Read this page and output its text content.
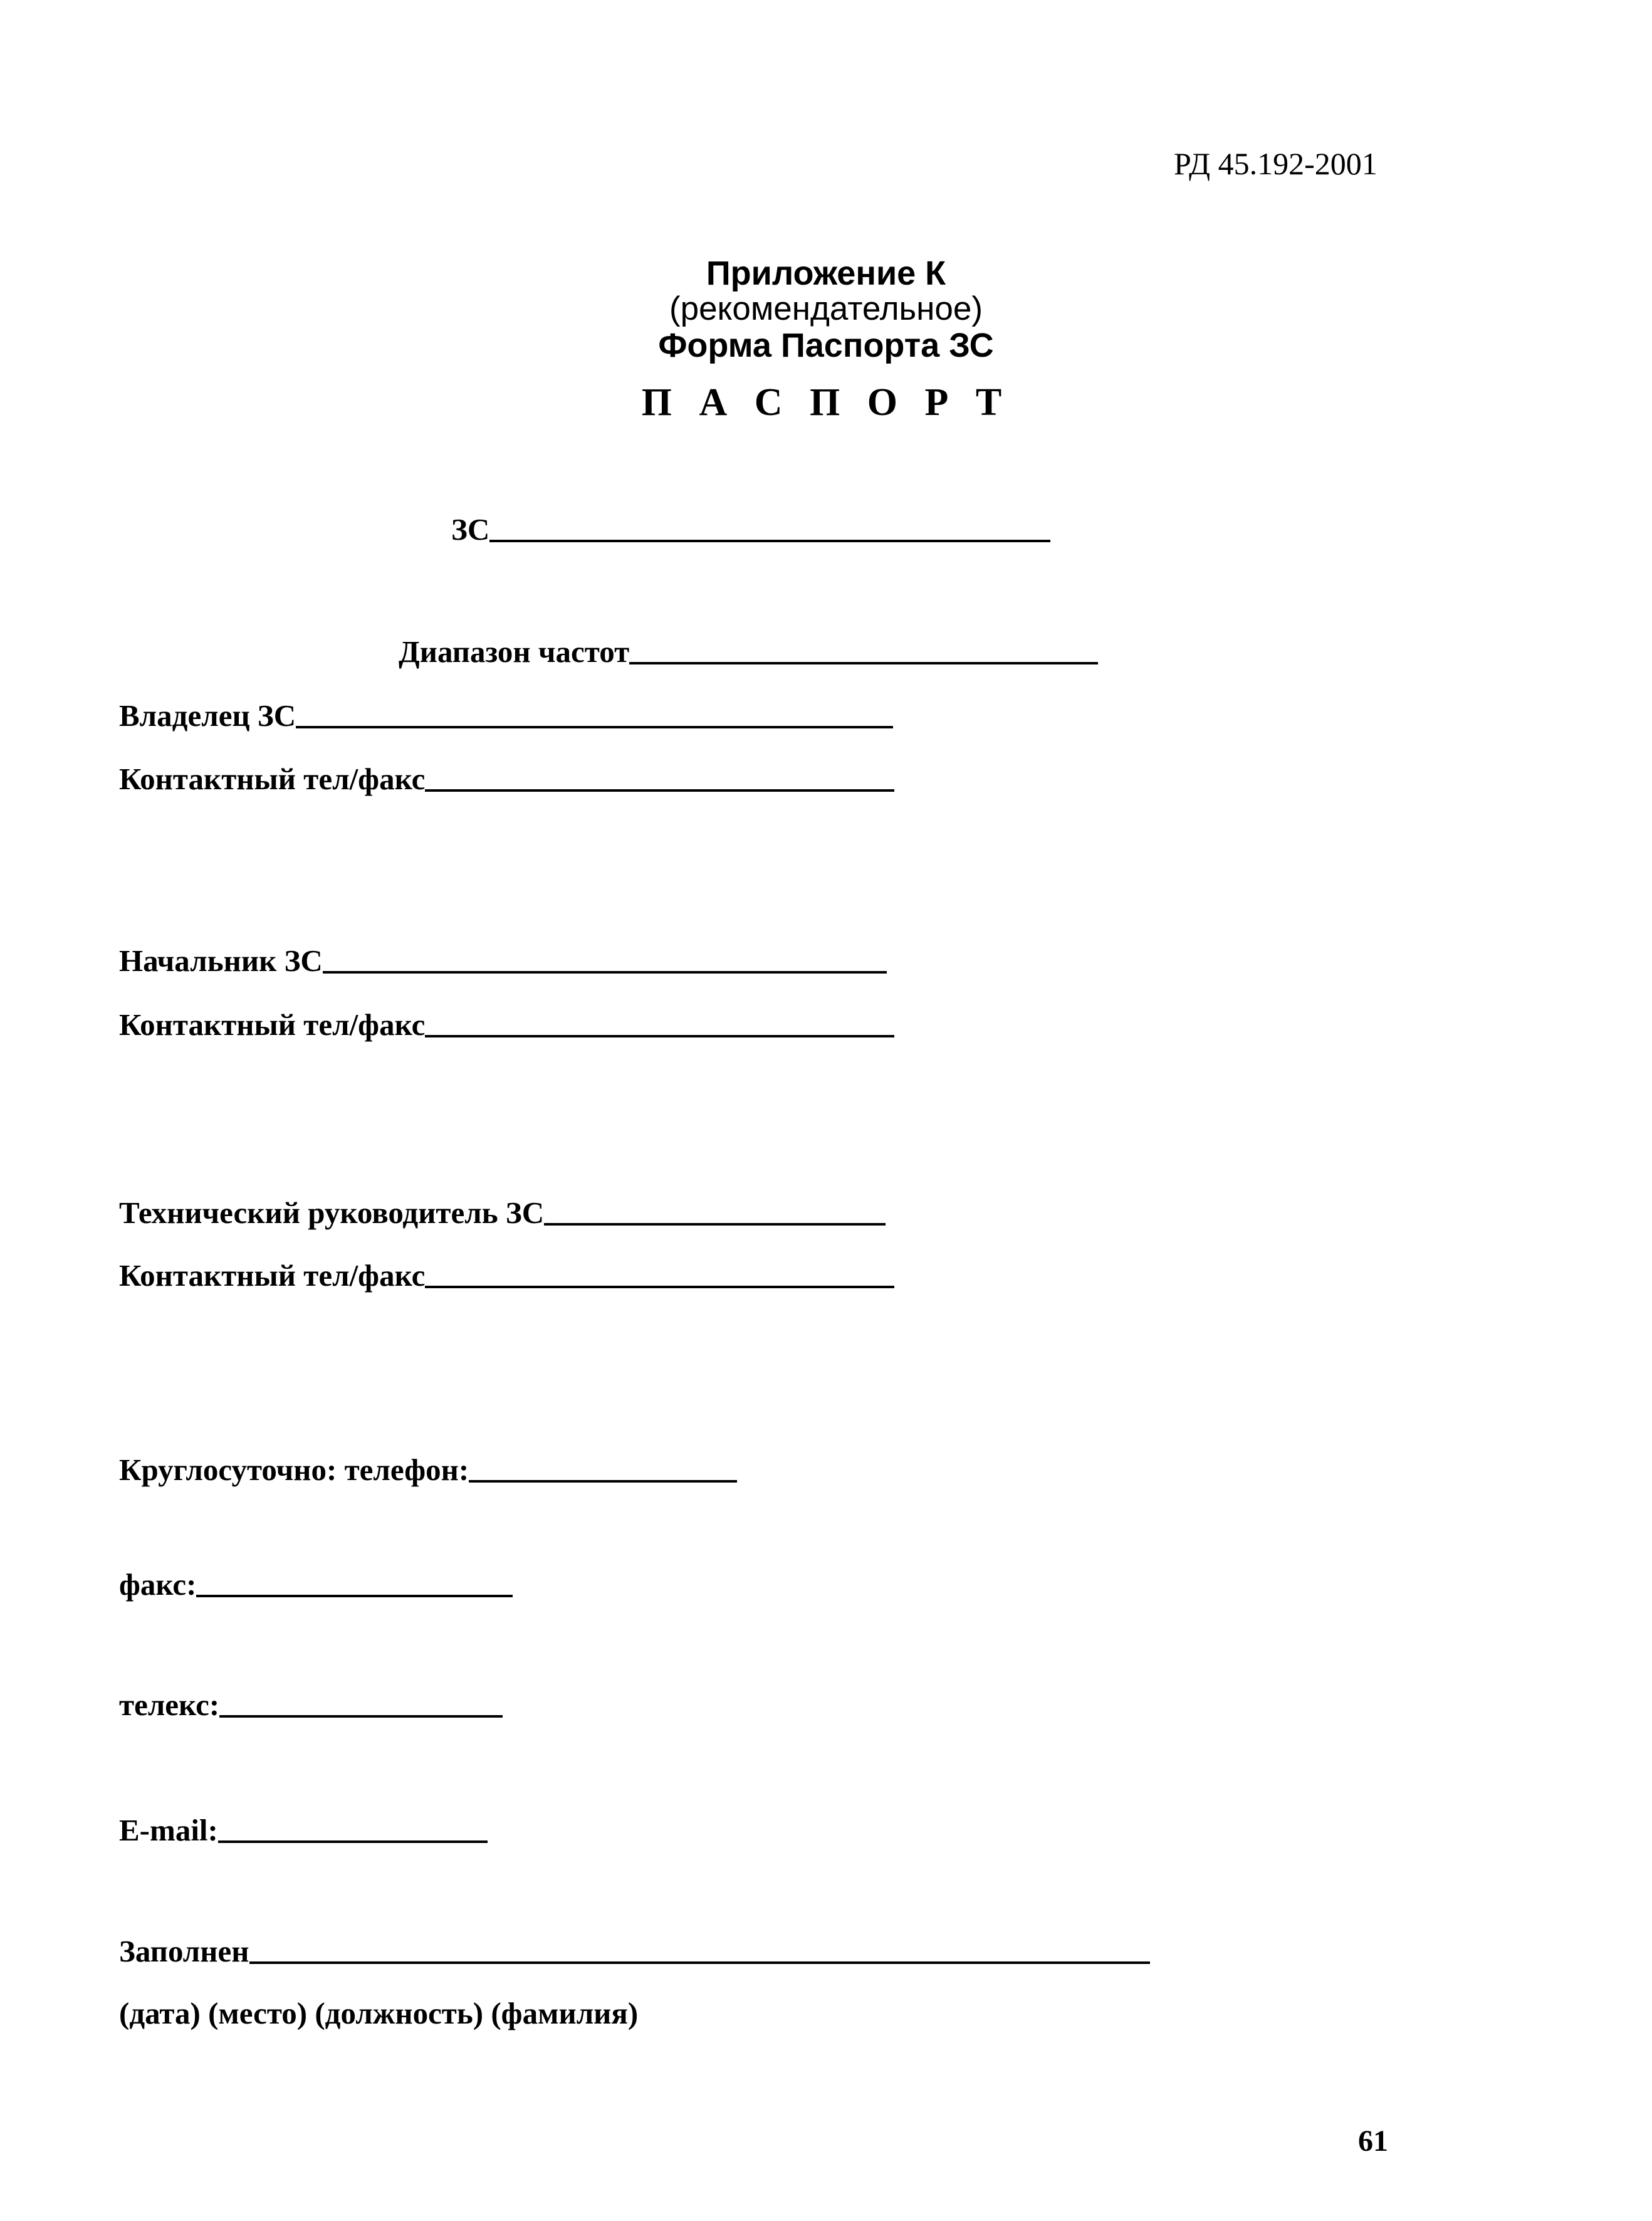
РД 45.192-2001
Приложение К
(рекомендательное)
Форма Паспорта ЗС
П А С П О Р Т
ЗС
Диапазон частот
Владелец ЗС
Контактный тел/факс
Начальник ЗС
Контактный тел/факс
Технический руководитель ЗС
Контактный тел/факс
Круглосуточно: телефон:
факс:
телекс:
E-mail:
Заполнен
(дата) (место) (должность) (фамилия)
61
